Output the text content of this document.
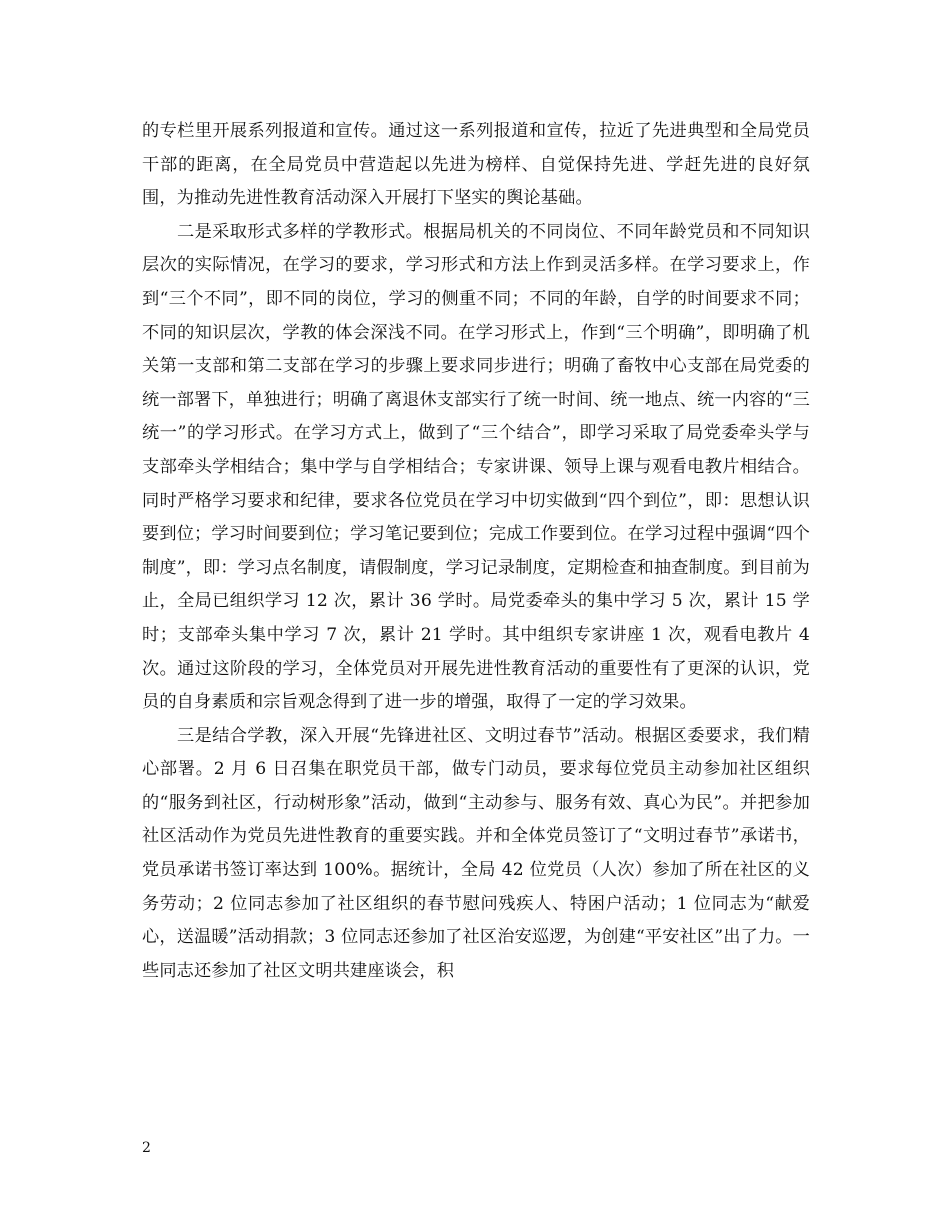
的专栏里开展系列报道和宣传。通过这一系列报道和宣传，拉近了先进典型和全局党员干部的距离，在全局党员中营造起以先进为榜样、自觉保持先进、学赶先进的良好氛围，为推动先进性教育活动深入开展打下坚实的舆论基础。

二是采取形式多样的学教形式。根据局机关的不同岗位、不同年龄党员和不同知识层次的实际情况，在学习的要求，学习形式和方法上作到灵活多样。在学习要求上，作到“三个不同”，即不同的岗位，学习的侧重不同；不同的年龄，自学的时间要求不同；不同的知识层次，学教的体会深浅不同。在学习形式上，作到“三个明确”，即明确了机关第一支部和第二支部在学习的步骤上要求同步进行；明确了畜牧中心支部在局党委的统一部署下，单独进行；明确了离退休支部实行了统一时间、统一地点、统一内容的“三统一”的学习形式。在学习方式上，做到了“三个结合”，即学习采取了局党委牵头学与支部牵头学相结合；集中学与自学相结合；专家讲课、领导上课与观看电教片相结合。同时严格学习要求和纪律，要求各位党员在学习中切实做到“四个到位”，即：思想认识要到位；学习时间要到位；学习笔记要到位；完成工作要到位。在学习过程中强调“四个制度”，即：学习点名制度，请假制度，学习记录制度，定期检查和抽查制度。到目前为止，全局已组织学习 12 次，累计 36 学时。局党委牵头的集中学习 5 次，累计 15 学时；支部牵头集中学习 7 次，累计 21 学时。其中组织专家讲座 1 次，观看电教片 4 次。通过这阶段的学习，全体党员对开展先进性教育活动的重要性有了更深的认识，党员的自身素质和宗旨观念得到了进一步的增强，取得了一定的学习效果。

三是结合学教，深入开展“先锋进社区、文明过春节”活动。根据区委要求，我们精心部署。2 月 6 日召集在职党员干部，做专门动员，要求每位党员主动参加社区组织的“服务到社区，行动树形象”活动，做到“主动参与、服务有效、真心为民”。并把参加社区活动作为党员先进性教育的重要实践。并和全体党员签订了“文明过春节”承诺书，党员承诺书签订率达到 100%。据统计，全局 42 位党员（人次）参加了所在社区的义务劳动；2 位同志参加了社区组织的春节慰问残疾人、特困户活动；1 位同志为“献爱心，送温暖”活动捐款；3 位同志还参加了社区治安巡逻，为创建“平安社区”出了力。一些同志还参加了社区文明共建座谈会，积

2
